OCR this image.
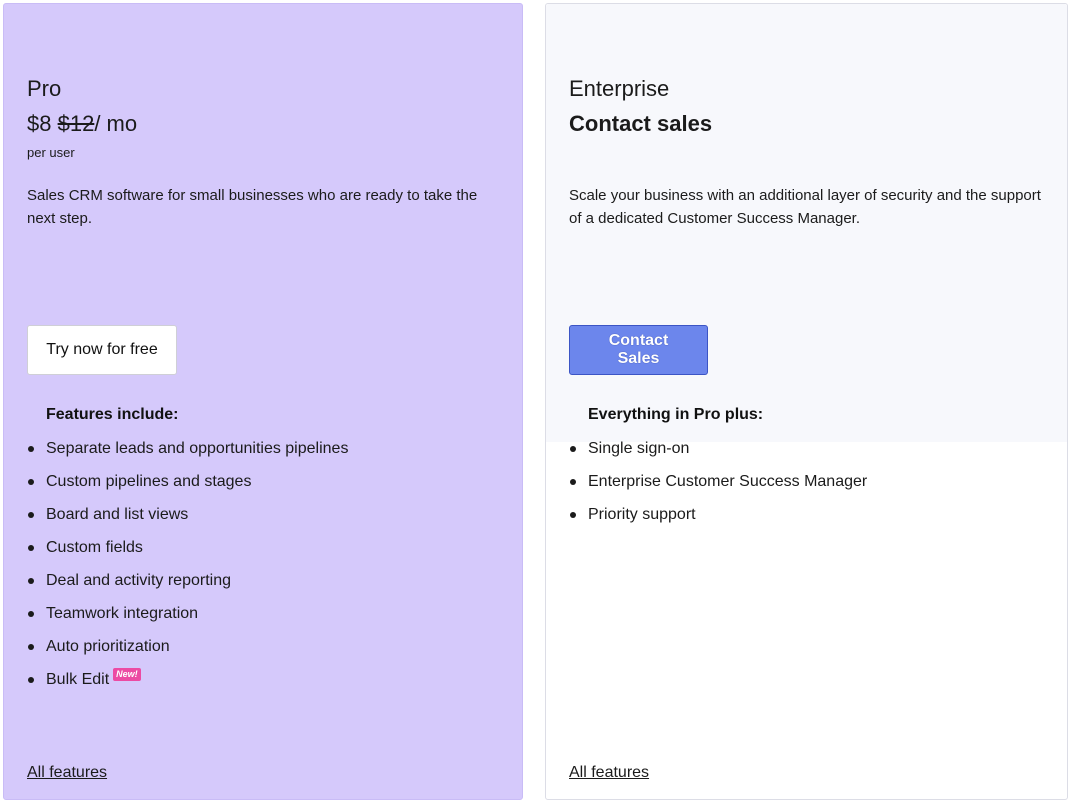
Pro

$8 $12/ mo

per user

Sales CRM software for small businesses who are ready to take the next step.

Try now for free

Features include:

Separate leads and opportunities pipelines
Custom pipelines and stages
Board and list views
Custom fields
Deal and activity reporting
Teamwork integration
Auto prioritization
Bulk Edit New!
All features
Enterprise

Contact sales

Scale your business with an additional layer of security and the support of a dedicated Customer Success Manager.

Contact Sales

Everything in Pro plus:

Single sign-on
Enterprise Customer Success Manager
Priority support
All features
